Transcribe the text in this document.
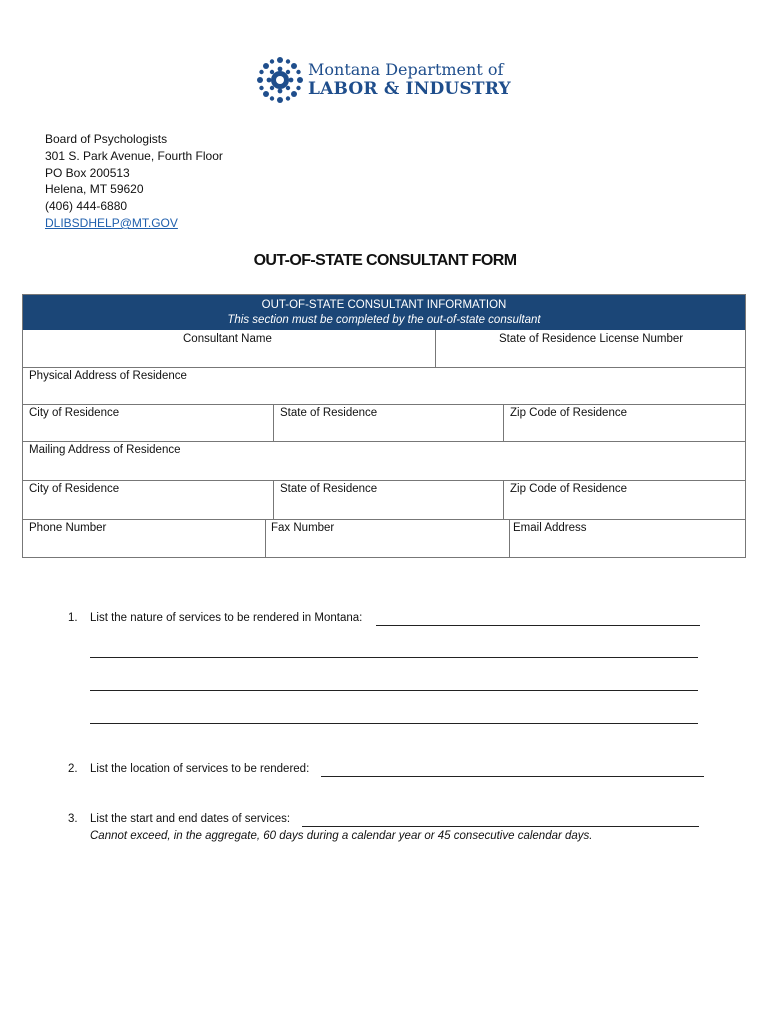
Montana Department of
LABOR & INDUSTRY
Board of Psychologists
301 S. Park Avenue, Fourth Floor
PO Box 200513
Helena, MT 59620
(406) 444-6880
DLIBSDHELP@MT.GOV
OUT-OF-STATE CONSULTANT FORM
OUT-OF-STATE CONSULTANT INFORMATION
This section must be completed by the out-of-state consultant
Consultant Name	State of Residence License Number
Physical Address of Residence
City of Residence	State of Residence	Zip Code of Residence
Mailing Address of Residence
City of Residence	State of Residence	Zip Code of Residence
Phone Number	Fax Number	Email Address
1. List the nature of services to be rendered in Montana:
2. List the location of services to be rendered:
3. List the start and end dates of services:
Cannot exceed, in the aggregate, 60 days during a calendar year or 45 consecutive calendar days.
